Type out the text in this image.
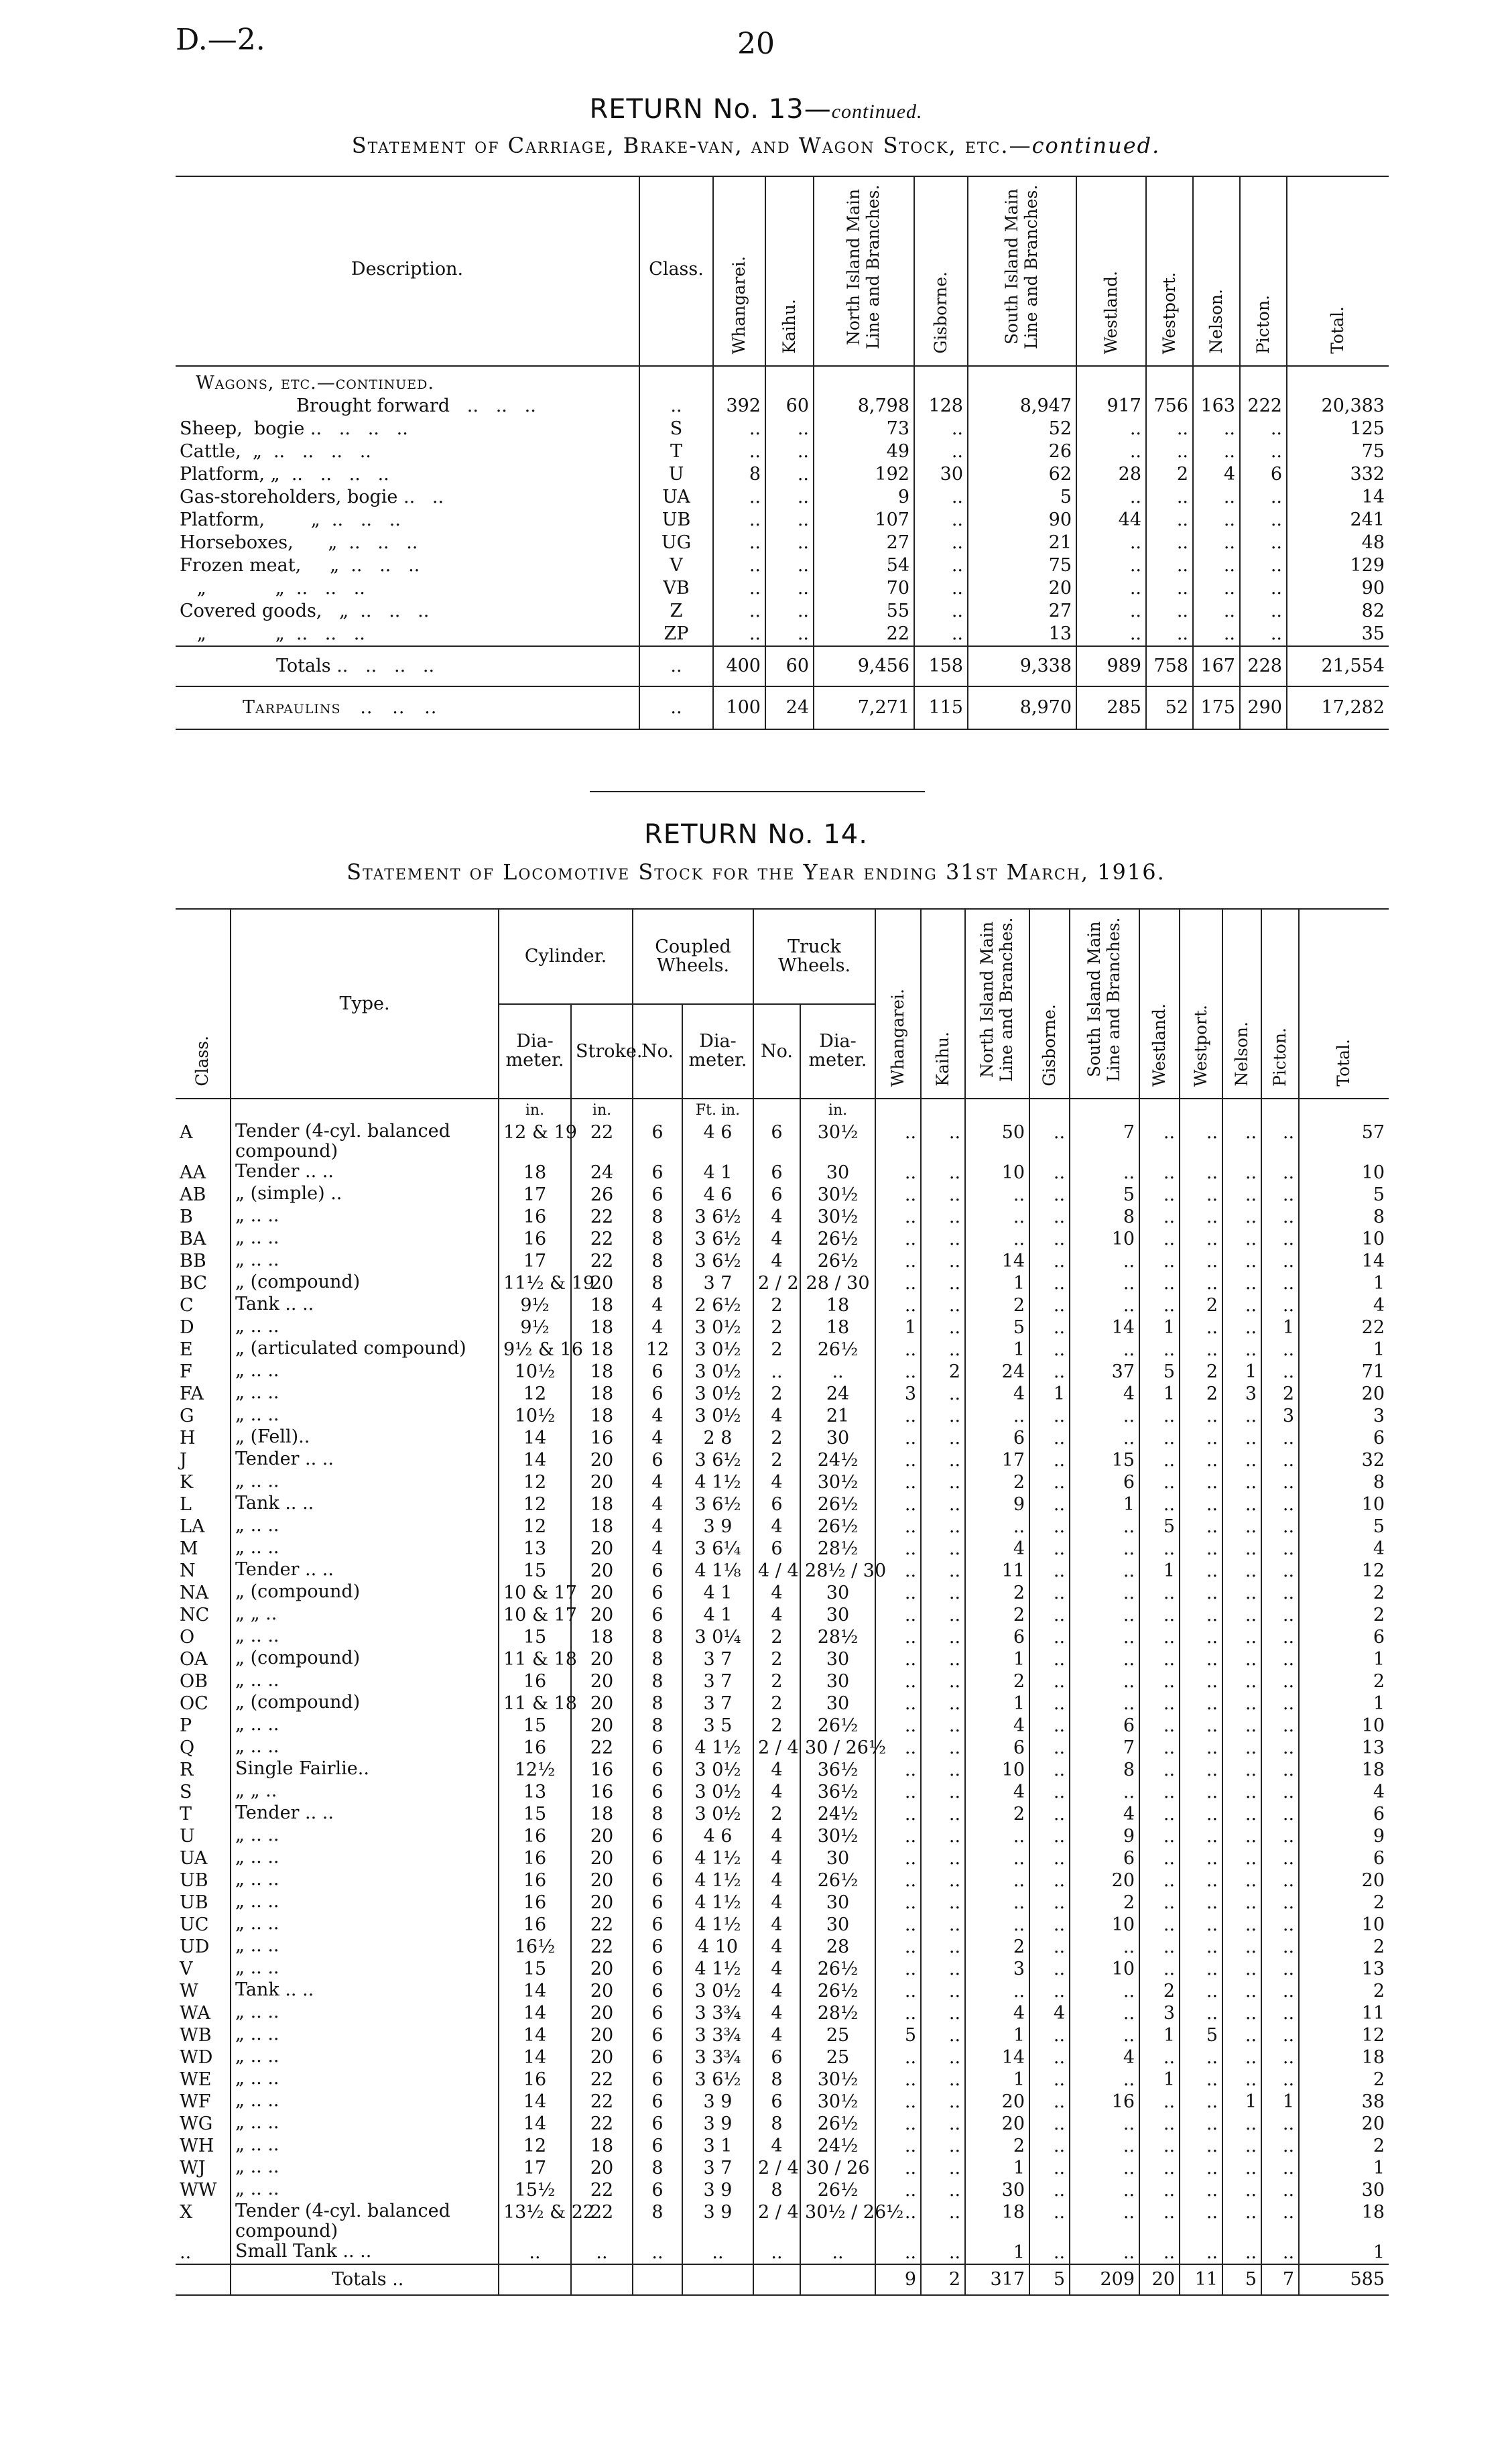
D.—2.	20
RETURN No. 13—continued.
Statement of Carriage, Brake-van, and Wagon Stock, etc.—continued.
Description.	Class.	Whangarei.	Kaihu.	North Island Main Line and Branches.	Gisborne.	South Island Main Line and Branches.	Westland.	Westport.	Nelson.	Picton.	Total.
Wagons, etc.—continued.											
Brought forward   ..   ..   ..	..	392	60	8,798	128	8,947	917	756	163	222	20,383
Sheep,  bogie ..   ..   ..   ..	S	..	..	73	..	52	..	..	..	..	125
Cattle,  „  ..   ..   ..   ..	T	..	..	49	..	26	..	..	..	..	75
Platform, „  ..   ..   ..   ..	U	8	..	192	30	62	28	2	4	6	332
Gas-storeholders, bogie ..   ..	UA	..	..	9	..	5	..	..	..	..	14
Platform,        „  ..   ..   ..	UB	..	..	107	..	90	44	..	..	..	241
Horseboxes,      „  ..   ..   ..	UG	..	..	27	..	21	..	..	..	..	48
Frozen meat,     „  ..   ..   ..	V	..	..	54	..	75	..	..	..	..	129
„            „  ..   ..   ..	VB	..	..	70	..	20	..	..	..	..	90
Covered goods,   „  ..   ..   ..	Z	..	..	55	..	27	..	..	..	..	82
„            „  ..   ..   ..	ZP	..	..	22	..	13	..	..	..	..	35
Totals ..   ..   ..   ..	..	400	60	9,456	158	9,338	989	758	167	228	21,554
Tarpaulins   ..   ..   ..	..	100	24	7,271	115	8,970	285	52	175	290	17,282
RETURN No. 14.
Statement of Locomotive Stock for the Year ending 31st March, 1916.
Class.	Type.	Cylinder.		Coupled Wheels.		Truck Wheels.		Whangarei.	Kaihu.	North Island Main Line and Branches.	Gisborne.	South Island Main Line and Branches.	Westland.	Westport.	Nelson.	Picton.	Total.
		Dia- meter.	Stroke.	No.	Dia- meter.	No.	Dia- meter.										
		in.	in.		Ft. in.		in.										
A	Tender (4-cyl. balanced compound)	12 & 19	22	6	4 6	6	30½	..	..	50	..	7	..	..	..	..	57
AA	Tender .. ..	18	24	6	4 1	6	30	..	..	10	..	..	..	..	..	..	10
AB	„ (simple) ..	17	26	6	4 6	6	30½	..	..	..	..	5	..	..	..	..	5
B	„ .. ..	16	22	8	3 6½	4	30½	..	..	..	..	8	..	..	..	..	8
BA	„ .. ..	16	22	8	3 6½	4	26½	..	..	..	..	10	..	..	..	..	10
BB	„ .. ..	17	22	8	3 6½	4	26½	..	..	14	..	..	..	..	..	..	14
BC	„ (compound)	11½ & 19	20	8	3 7	2 / 2	28 / 30	..	..	1	..	..	..	..	..	..	1
C	Tank .. ..	9½	18	4	2 6½	2	18	..	..	2	..	..	..	2	..	..	4
D	„ .. ..	9½	18	4	3 0½	2	18	1	..	5	..	14	1	..	..	1	22
E	„ (articulated compound)	9½ & 16	18	12	3 0½	2	26½	..	..	1	..	..	..	..	..	..	1
F	„ .. ..	10½	18	6	3 0½	..	..	..	2	24	..	37	5	2	1	..	71
FA	„ .. ..	12	18	6	3 0½	2	24	3	..	4	1	4	1	2	3	2	20
G	„ .. ..	10½	18	4	3 0½	4	21	..	..	..	..	..	..	..	..	3	3
H	„ (Fell)..	14	16	4	2 8	2	30	..	..	6	..	..	..	..	..	..	6
J	Tender .. ..	14	20	6	3 6½	2	24½	..	..	17	..	15	..	..	..	..	32
K	„ .. ..	12	20	4	4 1½	4	30½	..	..	2	..	6	..	..	..	..	8
L	Tank .. ..	12	18	4	3 6½	6	26½	..	..	9	..	1	..	..	..	..	10
LA	„ .. ..	12	18	4	3 9	4	26½	..	..	..	..	..	5	..	..	..	5
M	„ .. ..	13	20	4	3 6¼	6	28½	..	..	4	..	..	..	..	..	..	4
N	Tender .. ..	15	20	6	4 1⅛	4 / 4	28½ / 30	..	..	11	..	..	1	..	..	..	12
NA	„ (compound)	10 & 17	20	6	4 1	4	30	..	..	2	..	..	..	..	..	..	2
NC	„ „ ..	10 & 17	20	6	4 1	4	30	..	..	2	..	..	..	..	..	..	2
O	„ .. ..	15	18	8	3 0¼	2	28½	..	..	6	..	..	..	..	..	..	6
OA	„ (compound)	11 & 18	20	8	3 7	2	30	..	..	1	..	..	..	..	..	..	1
OB	„ .. ..	16	20	8	3 7	2	30	..	..	2	..	..	..	..	..	..	2
OC	„ (compound)	11 & 18	20	8	3 7	2	30	..	..	1	..	..	..	..	..	..	1
P	„ .. ..	15	20	8	3 5	2	26½	..	..	4	..	6	..	..	..	..	10
Q	„ .. ..	16	22	6	4 1½	2 / 4	30 / 26½	..	..	6	..	7	..	..	..	..	13
R	Single Fairlie..	12½	16	6	3 0½	4	36½	..	..	10	..	8	..	..	..	..	18
S	„ „ ..	13	16	6	3 0½	4	36½	..	..	4	..	..	..	..	..	..	4
T	Tender .. ..	15	18	8	3 0½	2	24½	..	..	2	..	4	..	..	..	..	6
U	„ .. ..	16	20	6	4 6	4	30½	..	..	..	..	9	..	..	..	..	9
UA	„ .. ..	16	20	6	4 1½	4	30	..	..	..	..	6	..	..	..	..	6
UB	„ .. ..	16	20	6	4 1½	4	26½	..	..	..	..	20	..	..	..	..	20
UB	„ .. ..	16	20	6	4 1½	4	30	..	..	..	..	2	..	..	..	..	2
UC	„ .. ..	16	22	6	4 1½	4	30	..	..	..	..	10	..	..	..	..	10
UD	„ .. ..	16½	22	6	4 10	4	28	..	..	2	..	..	..	..	..	..	2
V	„ .. ..	15	20	6	4 1½	4	26½	..	..	3	..	10	..	..	..	..	13
W	Tank .. ..	14	20	6	3 0½	4	26½	..	..	..	..	..	2	..	..	..	2
WA	„ .. ..	14	20	6	3 3¾	4	28½	..	..	4	4	..	3	..	..	..	11
WB	„ .. ..	14	20	6	3 3¾	4	25	5	..	1	..	..	1	5	..	..	12
WD	„ .. ..	14	20	6	3 3¾	6	25	..	..	14	..	4	..	..	..	..	18
WE	„ .. ..	16	22	6	3 6½	8	30½	..	..	1	..	..	1	..	..	..	2
WF	„ .. ..	14	22	6	3 9	6	30½	..	..	20	..	16	..	..	1	1	38
WG	„ .. ..	14	22	6	3 9	8	26½	..	..	20	..	..	..	..	..	..	20
WH	„ .. ..	12	18	6	3 1	4	24½	..	..	2	..	..	..	..	..	..	2
WJ	„ .. ..	17	20	8	3 7	2 / 4	30 / 26	..	..	1	..	..	..	..	..	..	1
WW	„ .. ..	15½	22	6	3 9	8	26½	..	..	30	..	..	..	..	..	..	30
X	Tender (4-cyl. balanced compound)	13½ & 22	22	8	3 9	2 / 4	30½ / 26½	..	..	18	..	..	..	..	..	..	18
..	Small Tank .. ..	..	..	..	..	..	..	..	..	1	..	..	..	..	..	..	1
	Totals ..							9	2	317	5	209	20	11	5	7	585
